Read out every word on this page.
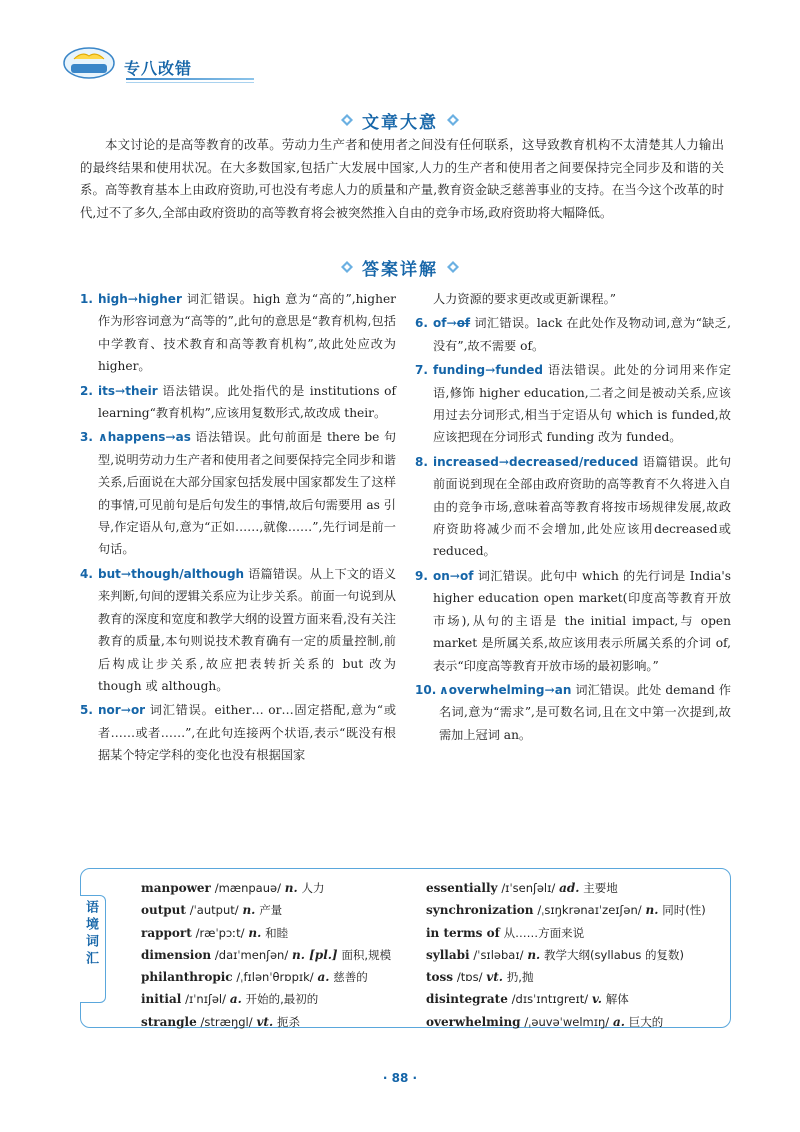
专八改错
文章大意

本文讨论的是高等教育的改革。劳动力生产者和使用者之间没有任何联系，这导致教育机构不太清楚其人力输出的最终结果和使用状况。在大多数国家,包括广大发展中国家,人力的生产者和使用者之间要保持完全同步及和谐的关系。高等教育基本上由政府资助,可也没有考虑人力的质量和产量,教育资金缺乏慈善事业的支持。在当今这个改革的时代,过不了多久,全部由政府资助的高等教育将会被突然推入自由的竞争市场,政府资助将大幅降低。

答案详解
1. high→higher 词汇错误。high 意为“高的”,higher 作为形容词意为“高等的”,此句的意思是“教育机构,包括中学教育、技术教育和高等教育机构”,故此处应改为 higher。
2. its→their 语法错误。此处指代的是 institutions of learning“教育机构”,应该用复数形式,故改成 their。
3. ∧happens→as 语法错误。此句前面是 there be 句型,说明劳动力生产者和使用者之间要保持完全同步和谐关系,后面说在大部分国家包括发展中国家都发生了这样的事情,可见前句是后句发生的事情,故后句需要用 as 引导,作定语从句,意为“正如……,就像……”,先行词是前一句话。
4. but→though/although 语篇错误。从上下文的语义来判断,句间的逻辑关系应为让步关系。前面一句说到从教育的深度和宽度和教学大纲的设置方面来看,没有关注教育的质量,本句则说技术教育确有一定的质量控制,前后构成让步关系,故应把表转折关系的 but 改为 though 或 although。
5. nor→or 词汇错误。either… or…固定搭配,意为“或者……或者……”,在此句连接两个状语,表示“既没有根据某个特定学科的变化也没有根据国家
人力资源的要求更改或更新课程。”
6. of→of 词汇错误。lack 在此处作及物动词,意为“缺乏,没有”,故不需要 of。
7. funding→funded 语法错误。此处的分词用来作定语,修饰 higher education,二者之间是被动关系,应该用过去分词形式,相当于定语从句 which is funded,故应该把现在分词形式 funding 改为 funded。
8. increased→decreased/reduced 语篇错误。此句前面说到现在全部由政府资助的高等教育不久将进入自由的竞争市场,意味着高等教育将按市场规律发展,故政府资助将减少而不会增加,此处应该用decreased或 reduced。
9. on→of 词汇错误。此句中 which 的先行词是 India's higher education open market(印度高等教育开放市场),从句的主语是 the initial impact,与 open market 是所属关系,故应该用表示所属关系的介词 of,表示“印度高等教育开放市场的最初影响。”
10. ∧overwhelming→an 词汇错误。此处 demand 作名词,意为“需求”,是可数名词,且在文中第一次提到,故需加上冠词 an。
语境词汇
manpower /mænpauə/ n. 人力
output /ˈautput/ n. 产量
rapport /ræˈpɔːt/ n. 和睦
dimension /daɪˈmenʃən/ n. [pl.] 面积,规模
philanthropic /ˌfɪlənˈθrɒpɪk/ a. 慈善的
initial /ɪˈnɪʃəl/ a. 开始的,最初的
strangle /stræŋgl/ vt. 扼杀
essentially /ɪˈsenʃəlɪ/ ad. 主要地
synchronization /ˌsɪŋkrənaɪˈzeɪʃən/ n. 同时(性)
in terms of 从……方面来说
syllabi /ˈsɪləbaɪ/ n. 教学大纲(syllabus 的复数)
toss /tɒs/ vt. 扔,抛
disintegrate /dɪsˈɪntɪgreɪt/ v. 解体
overwhelming /ˌəuvəˈwelmɪŋ/ a. 巨大的
· 88 ·
